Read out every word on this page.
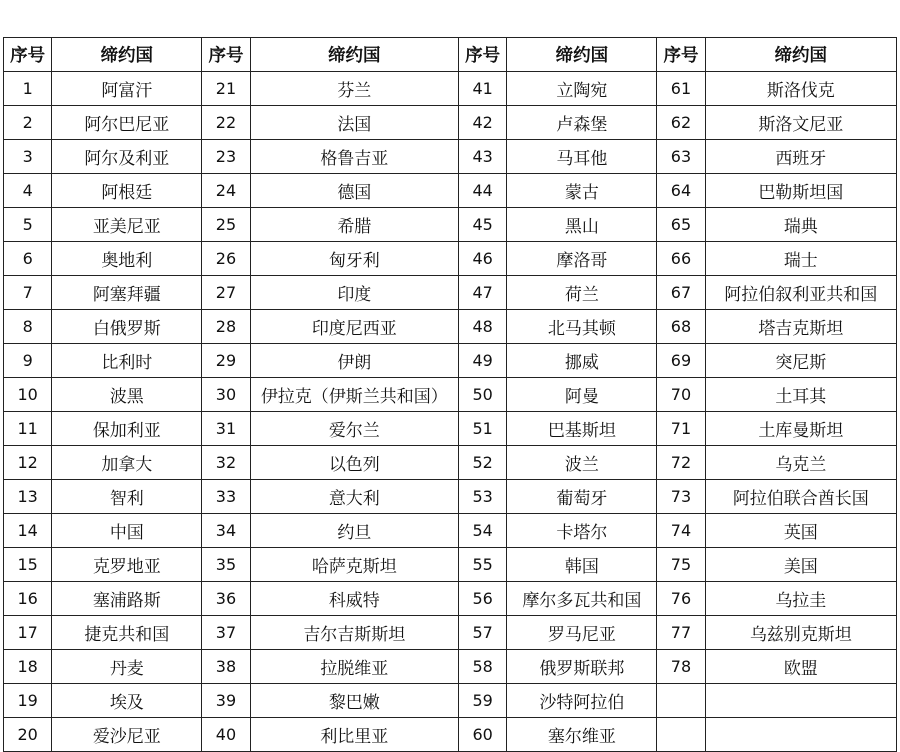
序号	缔约国	序号	缔约国	序号	缔约国	序号	缔约国
1	阿富汗	21	芬兰	41	立陶宛	61	斯洛伐克
2	阿尔巴尼亚	22	法国	42	卢森堡	62	斯洛文尼亚
3	阿尔及利亚	23	格鲁吉亚	43	马耳他	63	西班牙
4	阿根廷	24	德国	44	蒙古	64	巴勒斯坦国
5	亚美尼亚	25	希腊	45	黑山	65	瑞典
6	奥地利	26	匈牙利	46	摩洛哥	66	瑞士
7	阿塞拜疆	27	印度	47	荷兰	67	阿拉伯叙利亚共和国
8	白俄罗斯	28	印度尼西亚	48	北马其顿	68	塔吉克斯坦
9	比利时	29	伊朗	49	挪威	69	突尼斯
10	波黑	30	伊拉克（伊斯兰共和国）	50	阿曼	70	土耳其
11	保加利亚	31	爱尔兰	51	巴基斯坦	71	土库曼斯坦
12	加拿大	32	以色列	52	波兰	72	乌克兰
13	智利	33	意大利	53	葡萄牙	73	阿拉伯联合酋长国
14	中国	34	约旦	54	卡塔尔	74	英国
15	克罗地亚	35	哈萨克斯坦	55	韩国	75	美国
16	塞浦路斯	36	科威特	56	摩尔多瓦共和国	76	乌拉圭
17	捷克共和国	37	吉尔吉斯斯坦	57	罗马尼亚	77	乌兹别克斯坦
18	丹麦	38	拉脱维亚	58	俄罗斯联邦	78	欧盟
19	埃及	39	黎巴嫩	59	沙特阿拉伯		
20	爱沙尼亚	40	利比里亚	60	塞尔维亚		
